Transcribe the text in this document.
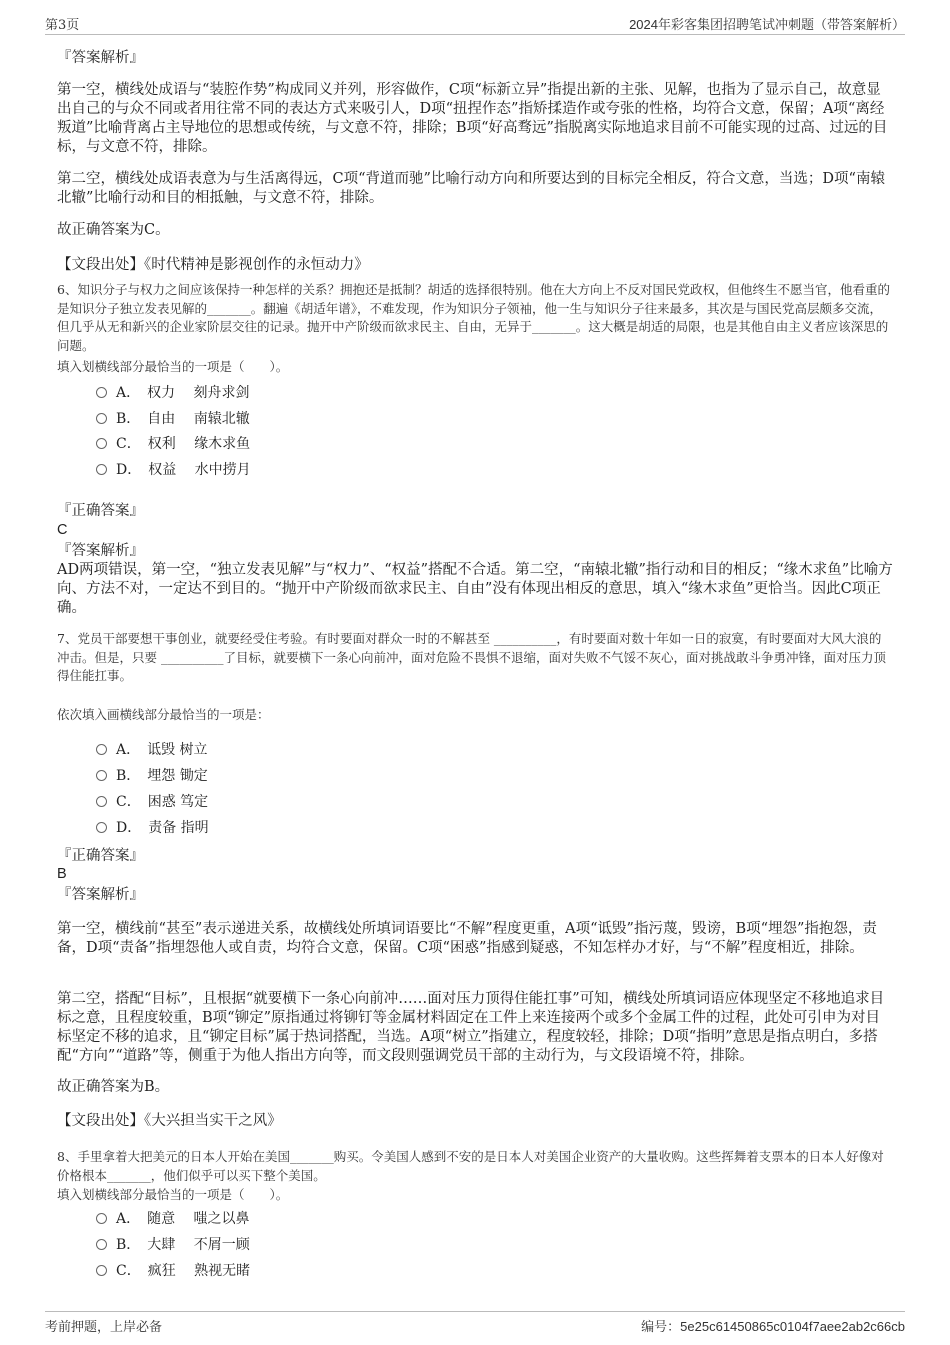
第3页	2024年彩客集团招聘笔试冲刺题（带答案解析）
『答案解析』
第一空，横线处成语与“装腔作势”构成同义并列，形容做作，C项“标新立异”指提出新的主张、见解，也指为了显示自己，故意显出自己的与众不同或者用往常不同的表达方式来吸引人，D项“扭捏作态”指矫揉造作或夸张的性格，均符合文意，保留；A项“离经叛道”比喻背离占主导地位的思想或传统，与文意不符，排除；B项“好高骛远”指脱离实际地追求目前不可能实现的过高、过远的目标，与文意不符，排除。
第二空，横线处成语表意为与生活离得远，C项“背道而驰”比喻行动方向和所要达到的目标完全相反，符合文意，当选；D项“南辕北辙”比喻行动和目的相抵触，与文意不符，排除。
故正确答案为C。
【文段出处】《时代精神是影视创作的永恒动力》
6、知识分子与权力之间应该保持一种怎样的关系？拥抱还是抵制？胡适的选择很特别。他在大方向上不反对国民党政权，但他终生不愿当官，他看重的是知识分子独立发表见解的_______。翻遍《胡适年谱》，不难发现，作为知识分子领袖，他一生与知识分子往来最多，其次是与国民党高层颇多交流，但几乎从无和新兴的企业家阶层交往的记录。抛开中产阶级而欲求民主、自由，无异于_______。这大概是胡适的局限，也是其他自由主义者应该深思的问题。
填入划横线部分最恰当的一项是（　　）。
A．　权力　 刻舟求剑
B．　自由　 南辕北辙
C．　权利　 缘木求鱼
D．　权益　 水中捞月
『正确答案』
C
『答案解析』
AD两项错误，第一空，“独立发表见解”与“权力”、“权益”搭配不合适。第二空，“南辕北辙”指行动和目的相反；“缘木求鱼”比喻方向、方法不对，一定达不到目的。“抛开中产阶级而欲求民主、自由”没有体现出相反的意思，填入“缘木求鱼”更恰当。因此C项正确。
7、党员干部要想干事创业，就要经受住考验。有时要面对群众一时的不解甚至 __________，有时要面对数十年如一日的寂寞，有时要面对大风大浪的冲击。但是，只要 __________了目标，就要横下一条心向前冲，面对危险不畏惧不退缩，面对失败不气馁不灰心，面对挑战敢斗争勇冲锋，面对压力顶得住能扛事。
依次填入画横线部分最恰当的一项是：
A．　诋毁 树立
B．　埋怨 锄定
C．　困惑 笃定
D．　责备 指明
『正确答案』
B
『答案解析』
第一空，横线前“甚至”表示递进关系，故横线处所填词语要比“不解”程度更重，A项“诋毁”指污蔑，毁谤，B项“埋怨”指抱怨，责备，D项“责备”指埋怨他人或自责，均符合文意，保留。C项“困惑”指感到疑惑，不知怎样办才好，与“不解”程度相近，排除。
第二空，搭配“目标”，且根据“就要横下一条心向前冲……面对压力顶得住能扛事”可知，横线处所填词语应体现坚定不移地追求目标之意，且程度较重，B项“铆定”原指通过将铆钉等金属材料固定在工件上来连接两个或多个金属工件的过程，此处可引申为对目标坚定不移的追求，且“铆定目标”属于热词搭配，当选。A项“树立”指建立，程度较轻，排除；D项“指明”意思是指点明白，多搭配“方向”“道路”等，侧重于为他人指出方向等，而文段则强调党员干部的主动行为，与文段语境不符，排除。
故正确答案为B。
【文段出处】《大兴担当实干之风》
8、手里拿着大把美元的日本人开始在美国_______购买。令美国人感到不安的是日本人对美国企业资产的大量收购。这些挥舞着支票本的日本人好像对价格根本_______，他们似乎可以买下整个美国。
填入划横线部分最恰当的一项是（　　）。
A．　随意　 嗤之以鼻
B．　大肆　 不屑一顾
C．　疯狂　 熟视无睹
考前押题，上岸必备	编号：5e25c61450865c0104f7aee2ab2c66cb
